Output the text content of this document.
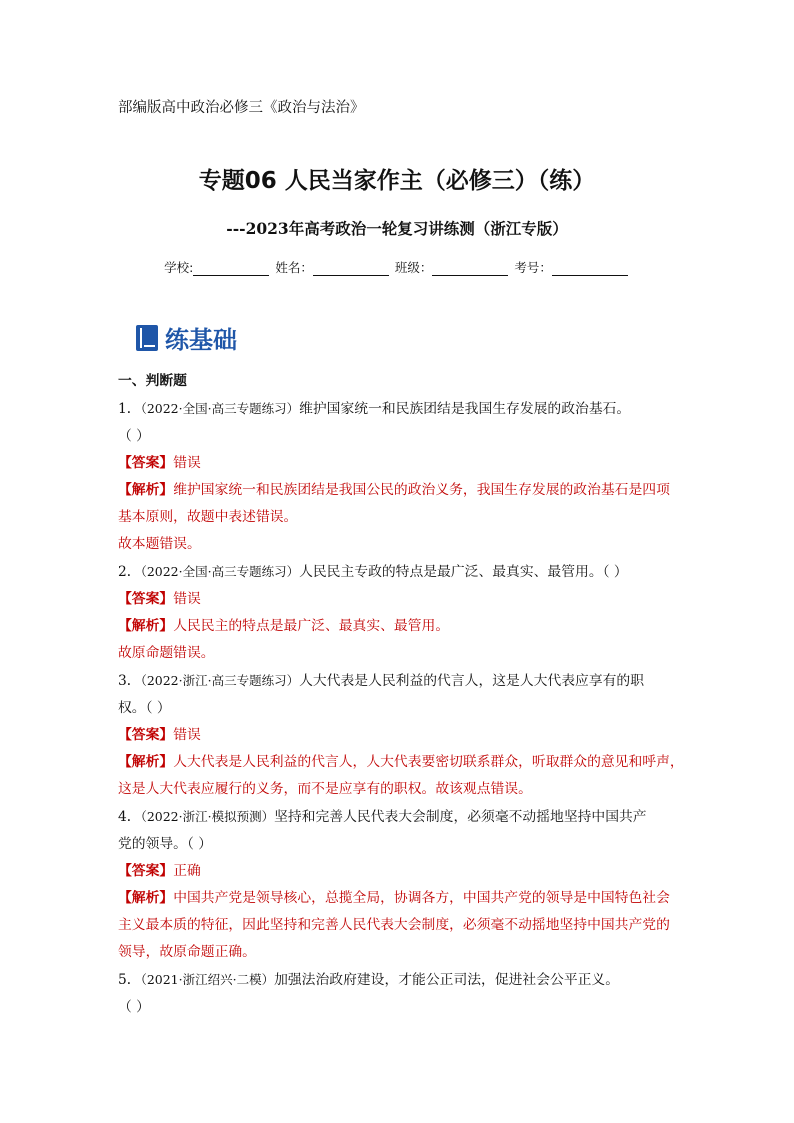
部编版高中政治必修三《政治与法治》
专题06 人民当家作主（必修三）（练）
---2023年高考政治一轮复习讲练测（浙江专版）
学校:	姓名：	班级：	考号：
练基础
一、判断题
1．（2022·全国·高三专题练习）维护国家统一和民族团结是我国生存发展的政治基石。
（ ）
【答案】错误
【解析】维护国家统一和民族团结是我国公民的政治义务，我国生存发展的政治基石是四项
基本原则，故题中表述错误。
故本题错误。
2．（2022·全国·高三专题练习）人民民主专政的特点是最广泛、最真实、最管用。（ ）
【答案】错误
【解析】人民民主的特点是最广泛、最真实、最管用。
故原命题错误。
3．（2022·浙江·高三专题练习）人大代表是人民利益的代言人，这是人大代表应享有的职
权。（ ）
【答案】错误
【解析】人大代表是人民利益的代言人，人大代表要密切联系群众，听取群众的意见和呼声，
这是人大代表应履行的义务，而不是应享有的职权。故该观点错误。
4．（2022·浙江·模拟预测）坚持和完善人民代表大会制度，必须毫不动摇地坚持中国共产
党的领导。（ ）
【答案】正确
【解析】中国共产党是领导核心，总揽全局，协调各方，中国共产党的领导是中国特色社会
主义最本质的特征，因此坚持和完善人民代表大会制度，必须毫不动摇地坚持中国共产党的
领导，故原命题正确。
5．（2021·浙江绍兴·二模）加强法治政府建设，才能公正司法，促进社会公平正义。
（ ）
